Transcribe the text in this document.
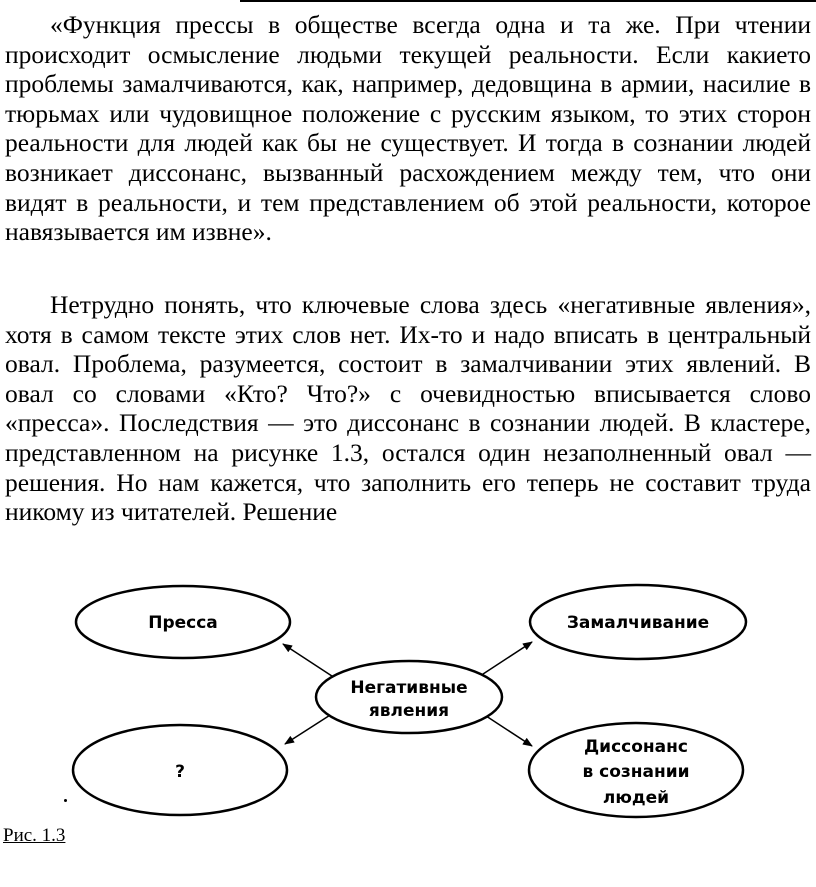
«Функция прессы в обществе всегда одна и та же. При чтении происходит осмысление людьми текущей реальности. Если какието проблемы замалчиваются, как, например, дедовщина в армии, насилие в тюрьмах или чудовищное положение с русским языком, то этих сторон реальности для людей как бы не существует. И тогда в сознании людей возникает диссонанс, вызванный расхождением между тем, что они видят в реальности, и тем представлением об этой реальности, которое навязывается им извне».

Нетрудно понять, что ключевые слова здесь «негативные явления», хотя в самом тексте этих слов нет. Их-то и надо вписать в центральный овал. Проблема, разумеется, состоит в замалчивании этих явлений. В овал со словами «Кто? Что?» с очевидностью вписывается слово «пресса». Последствия — это диссонанс в сознании людей. В кластере, представленном на рисунке 1.3, остался один незаполненный овал — решения. Но нам кажется, что заполнить его теперь не составит труда никому из читателей. Решение

Пресса	Замалчивание
Негативные
явления
?
Диссонанс
в сознании
людей

Рис. 1.3
